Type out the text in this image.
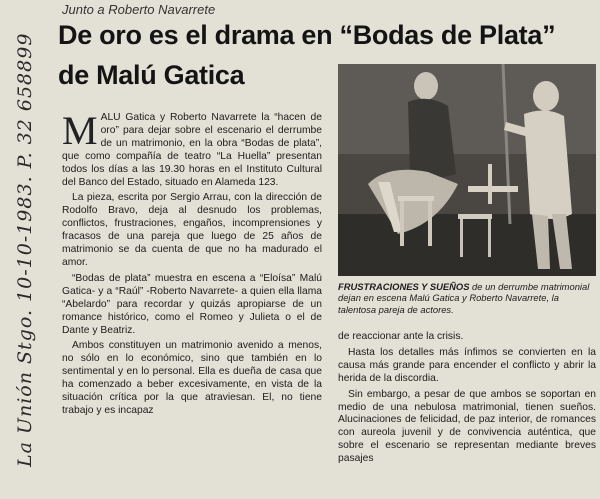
La Unión Stgo. 10-10-1983. P. 32 658899
Junto a Roberto Navarrete
De oro es el drama en “Bodas de Plata”
de Malú Gatica

MALU Gatica y Roberto Navarrete la “hacen de oro” para dejar sobre el escenario el derrumbe de un matrimonio, en la obra “Bodas de plata”, que como compañía de teatro “La Huella” presentan todos los días a las 19.30 horas en el Instituto Cultural del Banco del Estado, situado en Alameda 123.

La pieza, escrita por Sergio Arrau, con la dirección de Rodolfo Bravo, deja al desnudo los problemas, conflictos, frustraciones, engaños, incomprensiones y fracasos de una pareja que luego de 25 años de matrimonio se da cuenta de que no ha madurado el amor.

“Bodas de plata” muestra en escena a “Eloísa” Malú Gatica- y a “Raúl” -Roberto Navarrete- a quien ella llama “Abelardo” para recordar y quizás apropiarse de un romance histórico, como el Romeo y Julieta o el de Dante y Beatriz.

Ambos constituyen un matrimonio avenido a menos, no sólo en lo económico, sino que también en lo sentimental y en lo personal. Ella es dueña de casa que ha comenzado a beber excesivamente, en vista de la situación crítica por la que atraviesan. El, no tiene trabajo y es incapaz

FRUSTRACIONES Y SUEÑOS de un derrumbe matrimonial dejan en escena Malú Gatica y Roberto Navarrete, la talentosa pareja de actores.

de reaccionar ante la crisis.

Hasta los detalles más ínfimos se convierten en la causa más grande para encender el conflicto y abrir la herida de la discordia.

Sin embargo, a pesar de que ambos se soportan en medio de una nebulosa matrimonial, tienen sueños. Alucinaciones de felicidad, de paz interior, de romances con aureola juvenil y de convivencia auténtica, que sobre el escenario se representan mediante breves pasajes
